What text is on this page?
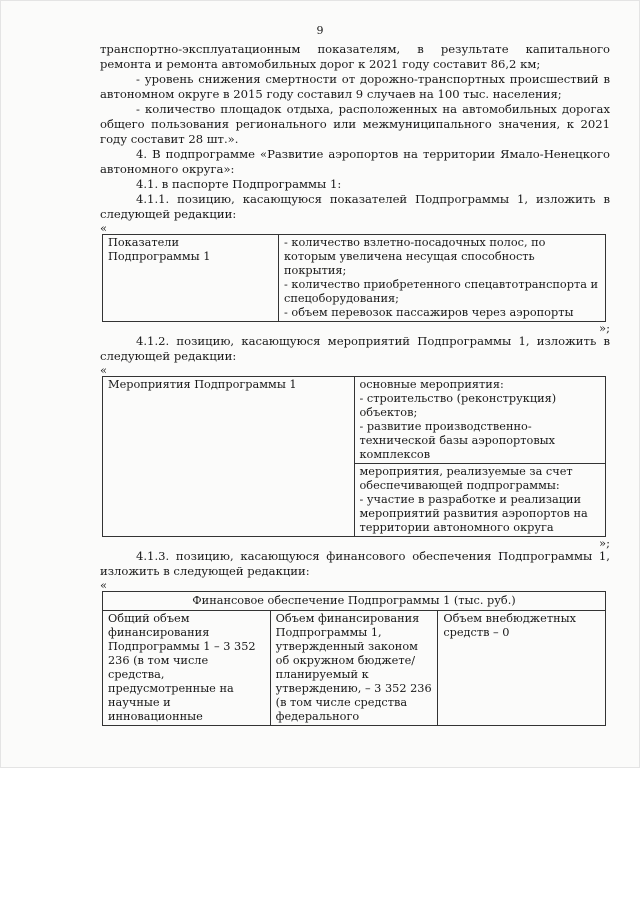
9

транспортно-эксплуатационным показателям, в результате капитального ремонта и ремонта автомобильных дорог к 2021 году составит 86,2 км;

- уровень снижения смертности от дорожно-транспортных происшествий в автономном округе в 2015 году составил 9 случаев на 100 тыс. населения;

- количество площадок отдыха, расположенных на автомобильных дорогах общего пользования регионального или межмуниципального значения, к 2021 году составит 28 шт.».

4. В подпрограмме «Развитие аэропортов на территории Ямало-Ненецкого автономного округа»:

4.1. в паспорте Подпрограммы 1:

4.1.1. позицию, касающуюся показателей Подпрограммы 1, изложить в следующей редакции:

«

Показатели Подпрограммы 1	
- количество взлетно-посадочных полос, по которым увеличена несущая способность покрытия;
- количество приобретенного спецавтотранспорта и спецоборудования;
- объем перевозок пассажиров через аэропорты

»;

4.1.2. позицию, касающуюся мероприятий Подпрограммы 1, изложить в следующей редакции:

«

Мероприятия Подпрограммы 1	основные мероприятия:
- строительство (реконструкция) объектов;
- развитие производственно-технической базы аэропортовых комплексов

мероприятия, реализуемые за счет обеспечивающей подпрограммы:
- участие в разработке и реализации мероприятий развития аэропортов на территории автономного округа

»;

4.1.3. позицию, касающуюся финансового обеспечения Подпрограммы 1, изложить в следующей редакции:

«

Финансовое обеспечение Подпрограммы 1 (тыс. руб.)
Общий объем финансирования Подпрограммы 1 – 3 352 236 (в том числе средства, предусмотренные на научные и инновационные	Объем финансирования Подпрограммы 1, утвержденный законом об окружном бюджете/ планируемый к утверждению, – 3 352 236 (в том числе средства федерального	Объем внебюджетных средств – 0
